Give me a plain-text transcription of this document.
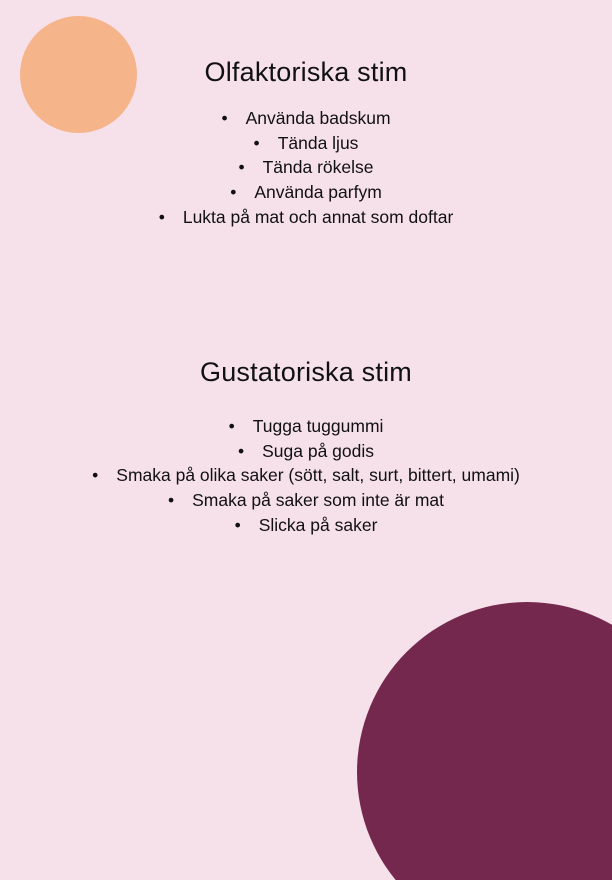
Olfaktoriska stim
• Använda badskum
• Tända ljus
• Tända rökelse
• Använda parfym
• Lukta på mat och annat som doftar
Gustatoriska stim
• Tugga tuggummi
• Suga på godis
• Smaka på olika saker (sött, salt, surt, bittert, umami)
• Smaka på saker som inte är mat
• Slicka på saker
